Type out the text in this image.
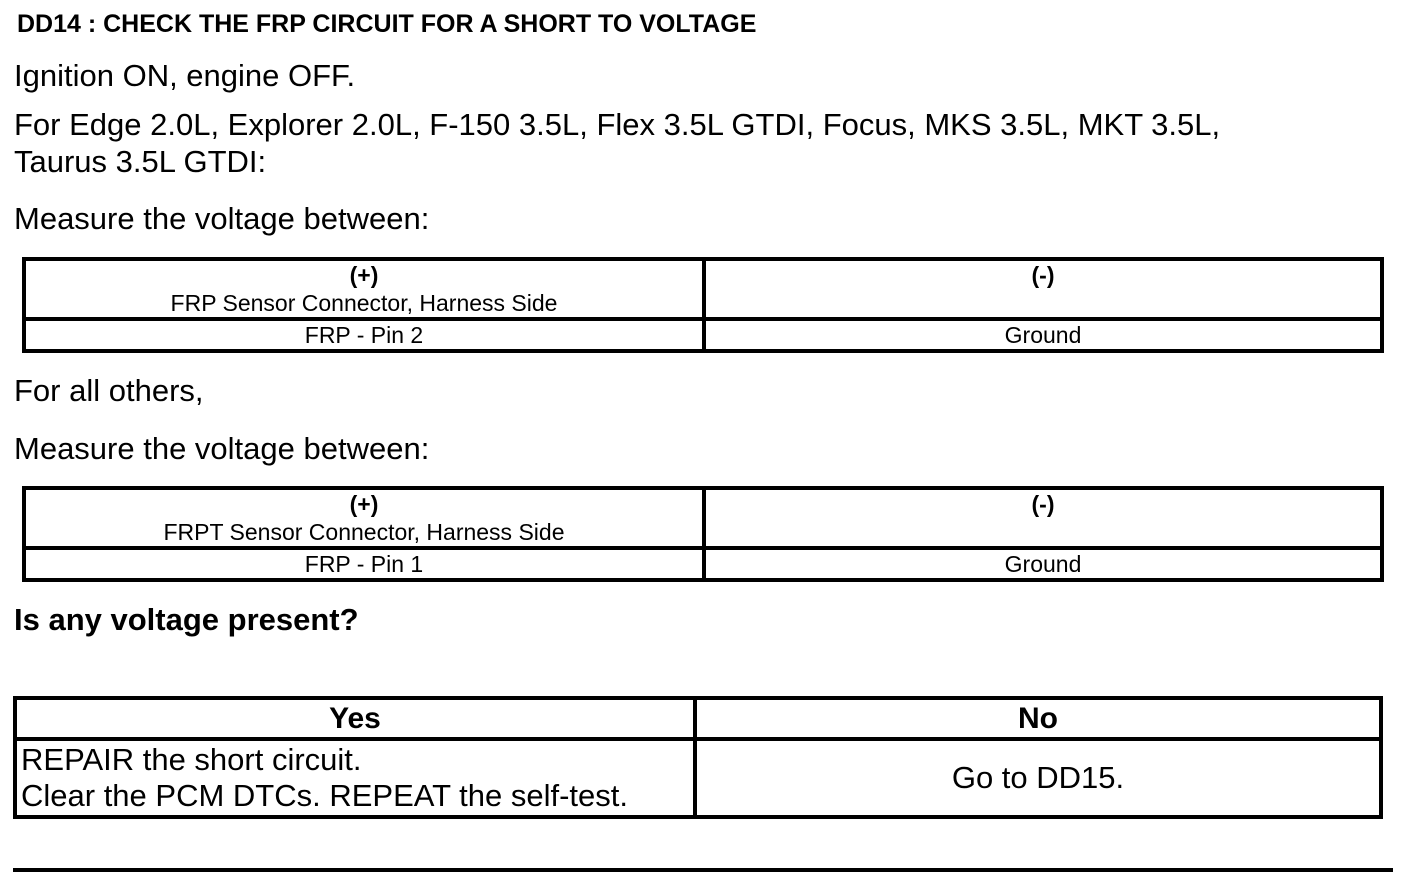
DD14 : CHECK THE FRP CIRCUIT FOR A SHORT TO VOLTAGE
Ignition ON, engine OFF.
For Edge 2.0L, Explorer 2.0L, F-150 3.5L, Flex 3.5L GTDI, Focus, MKS 3.5L, MKT 3.5L,
Taurus 3.5L GTDI:
Measure the voltage between:
(+)
FRP Sensor Connector, Harness Side	(-)

FRP - Pin 2	Ground
For all others,
Measure the voltage between:
(+)
FRPT Sensor Connector, Harness Side	(-)

FRP - Pin 1	Ground
Is any voltage present?
Yes	No

REPAIR the short circuit.
Clear the PCM DTCs. REPEAT the self-test.	Go to DD15.
